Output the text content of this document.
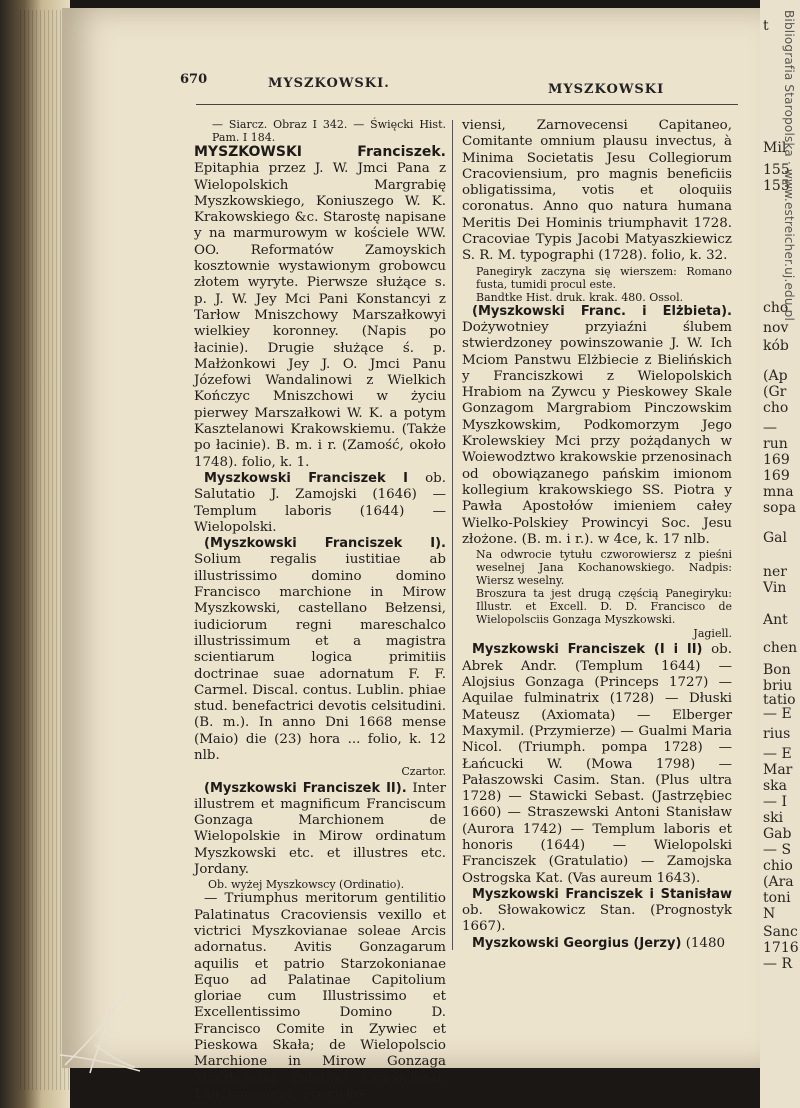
t
Mil
155
155
cho
nov
kób
(Ap
(Gr
cho
—
run
169
169
mna
sopa
Gal
ner
Vin
Ant
chen
Bon
briu
tatio
— E
rius
— E
Mar
ska
— I
ski
Gab
— S
chio
(Ara
toni
N
Sanc
1716
— R
Bibliografia Staropolska · www.estreicher.uj.edu.pl
670	MYSZKOWSKI.	MYSZKOWSKI

— Siarcz. Obraz I 342. — Święcki Hist. Pam. I 184.

MYSZKOWSKI Franciszek. Epitaphia przez J. W. Jmci Pana z Wielopolskich Margrabię Myszkowskiego, Koniuszego W. K. Krakowskiego &c. Starostę napisane y na marmurowym w kościele WW. OO. Reformatów Zamoyskich kosztownie wystawionym grobowcu złotem wyryte. Pierwsze służące s. p. J. W. Jey Mci Pani Konstancyi z Tarłow Mniszchowy Marszałkowyi wielkiey koronney. (Napis po łacinie). Drugie służące ś. p. Małżonkowi Jey J. O. Jmci Panu Józefowi Wandalinowi z Wielkich Kończyc Mniszchowi w życiu pierwey Marszałkowi W. K. a potym Kasztelanowi Krakowskiemu. (Także po łacinie). B. m. i r. (Zamość, około 1748). folio, k. 1.

Myszkowski Franciszek I ob. Salutatio J. Zamojski (1646) — Templum laboris (1644) — Wielopolski.

(Myszkowski Franciszek I). Solium regalis iustitiae ab illustrissimo domino domino Francisco marchione in Mirow Myszkowski, castellano Bełzensi, iudiciorum regni mareschalco illustrissimum et a magistra scientiarum logica primitiis doctrinae suae adornatum F. F. Carmel. Discal. contus. Lublin. phiae stud. benefactrici devotis celsitudini. (B. m.). In anno Dni 1668 mense (Maio) die (23) hora ... folio, k. 12 nlb.

Czartor.

(Myszkowski Franciszek II). Inter illustrem et magnificum Franciscum Gonzaga Marchionem de Wielopolskie in Mirow ordinatum Myszkowski etc. et illustres etc. Jordany.

Ob. wyżej Myszkowscy (Ordinatio).

— Triumphus meritorum gentilitio Palatinatus Cracoviensis vexillo et victrici Myszkovianae soleae Arcis adornatus. Avitis Gonzagarum aquilis et patrio Starzokonianae Equo ad Palatinae Capitolium gloriae cum Illustrissimo et Excellentissimo Domino D. Francisco Comite in Zywiec et Pieskowa Skała; de Wielopolscio Marchione in Mirow Gonzaga Myszkowski Palatino Cracoviensi, Lanckoronensi, Premyko-

viensi, Zarnovecensi Capitaneo, Comitante omnium plausu invectus, à Minima Societatis Jesu Collegiorum Cracoviensium, pro magnis beneficiis obligatissima, votis et oloquiis coronatus. Anno quo natura humana Meritis Dei Hominis triumphavit 1728. Cracoviae Typis Jacobi Matyaszkiewicz S. R. M. typographi (1728). folio, k. 32.

Panegiryk zaczyna się wierszem: Romano fusta, tumidi procul este.

Bandtke Hist. druk. krak. 480. Ossol.

(Myszkowski Franc. i Elżbieta). Dożywotniey przyiaźni ślubem stwierdzoney powinszowanie J. W. Ich Mciom Panstwu Elżbiecie z Bielińskich y Franciszkowi z Wielopolskich Hrabiom na Zywcu y Pieskowey Skale Gonzagom Margrabiom Pinczowskim Myszkowskim, Podkomorzym Jego Krolewskiey Mci przy pożądanych w Woiewodztwo krakowskie przenosinach od obowiązanego pańskim imionom kollegium krakowskiego SS. Piotra y Pawła Apostołów imieniem całey Wielko-Polskiey Prowincyi Soc. Jesu złożone. (B. m. i r.). w 4ce, k. 17 nlb.

Na odwrocie tytułu czworowiersz z pieśni weselnej Jana Kochanowskiego. Nadpis: Wiersz weselny.

Broszura ta jest drugą częścią Panegiryku: Illustr. et Excell. D. D. Francisco de Wielopolsciis Gonzaga Myszkowski.

Jagiell.

Myszkowski Franciszek (I i II) ob. Abrek Andr. (Templum 1644) — Alojsius Gonzaga (Princeps 1727) — Aquilae fulminatrix (1728) — Dłuski Mateusz (Axiomata) — Elberger Maxymil. (Przymierze) — Gualmi Maria Nicol. (Triumph. pompa 1728) — Łańcucki W. (Mowa 1798) — Pałaszowski Casim. Stan. (Plus ultra 1728) — Stawicki Sebast. (Jastrzębiec 1660) — Straszewski Antoni Stanisław (Aurora 1742) — Templum laboris et honoris (1644) — Wielopolski Franciszek (Gratulatio) — Zamojska Ostrogska Kat. (Vas aureum 1643).

Myszkowski Franciszek i Stanisław ob. Słowakowicz Stan. (Prognostyk 1667).

Myszkowski Georgius (Jerzy) (1480
